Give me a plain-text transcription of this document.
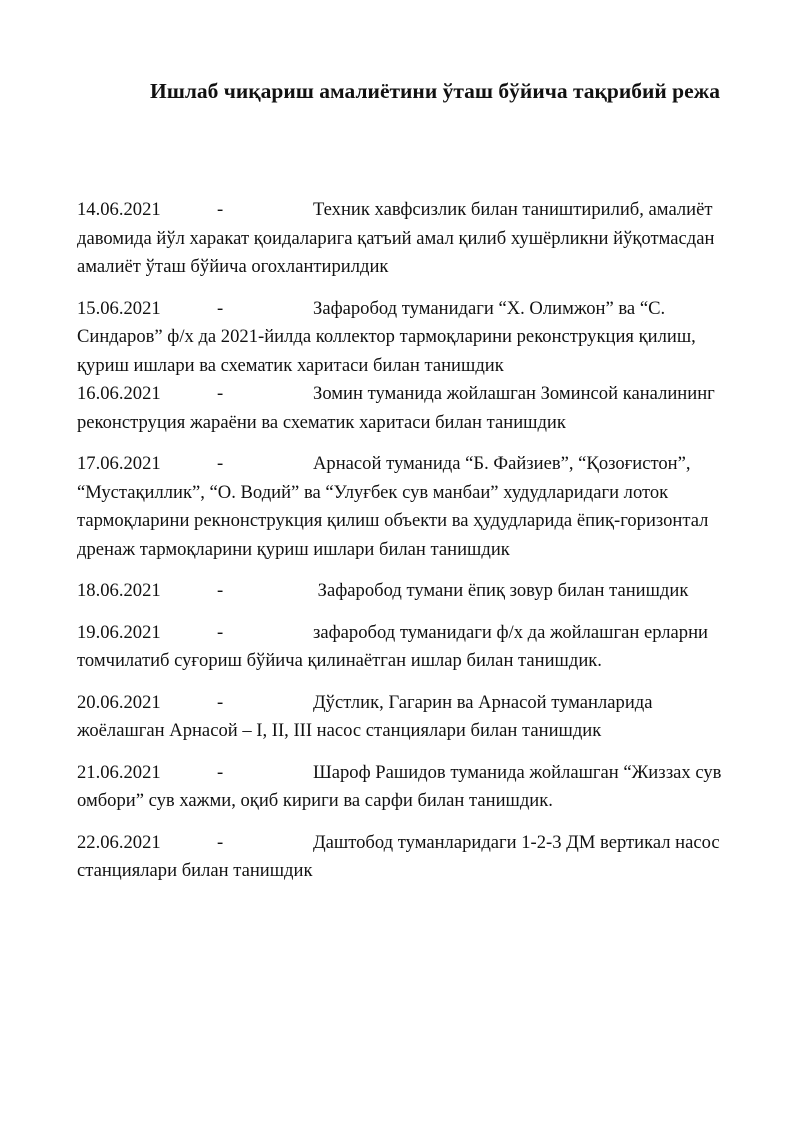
Ишлаб чиқариш амалиётини ўташ бўйича тақрибий режа

14.06.2021	-	Техник хавфсизлик билан таништирилиб, амалиёт давомида йўл харакат қоидаларига қатъий амал қилиб хушёрликни йўқотмасдан амалиёт ўташ бўйича огохлантирилдик

15.06.2021	-	Зафаробод туманидаги “Х. Олимжон” ва “С. Синдаров” ф/х да 2021-йилда коллектор тармоқларини реконструкция қилиш, қуриш ишлари ва схематик харитаси билан танишдик

16.06.2021	-	Зомин туманида жойлашган Зоминсой каналининг реконструция жараёни ва схематик харитаси билан танишдик

17.06.2021	-	Арнасой туманида “Б. Файзиев”, “Қозоғистон”, “Мустақиллик”, “О. Водий” ва “Улуғбек сув манбаи” худудларидаги лоток тармоқларини рекнонструкция қилиш объекти ва ҳудудларида ёпиқ-горизонтал дренаж тармоқларини қуриш ишлари билан танишдик

18.06.2021	-	Зафаробод тумани ёпиқ зовур билан танишдик

19.06.2021	-	зафаробод туманидаги ф/х да жойлашган ерларни томчилатиб суғориш бўйича қилинаётган ишлар билан танишдик.

20.06.2021	-	Дўстлик, Гагарин ва Арнасой туманларида жоёлашган Арнасой – I, II, III насос станциялари билан танишдик

21.06.2021	-	Шароф Рашидов туманида жойлашган “Жиззах сув омбори” сув хажми, оқиб кириги ва сарфи билан танишдик.

22.06.2021	-	Даштобод туманларидаги 1-2-3 ДМ вертикал насос станциялари билан танишдик
